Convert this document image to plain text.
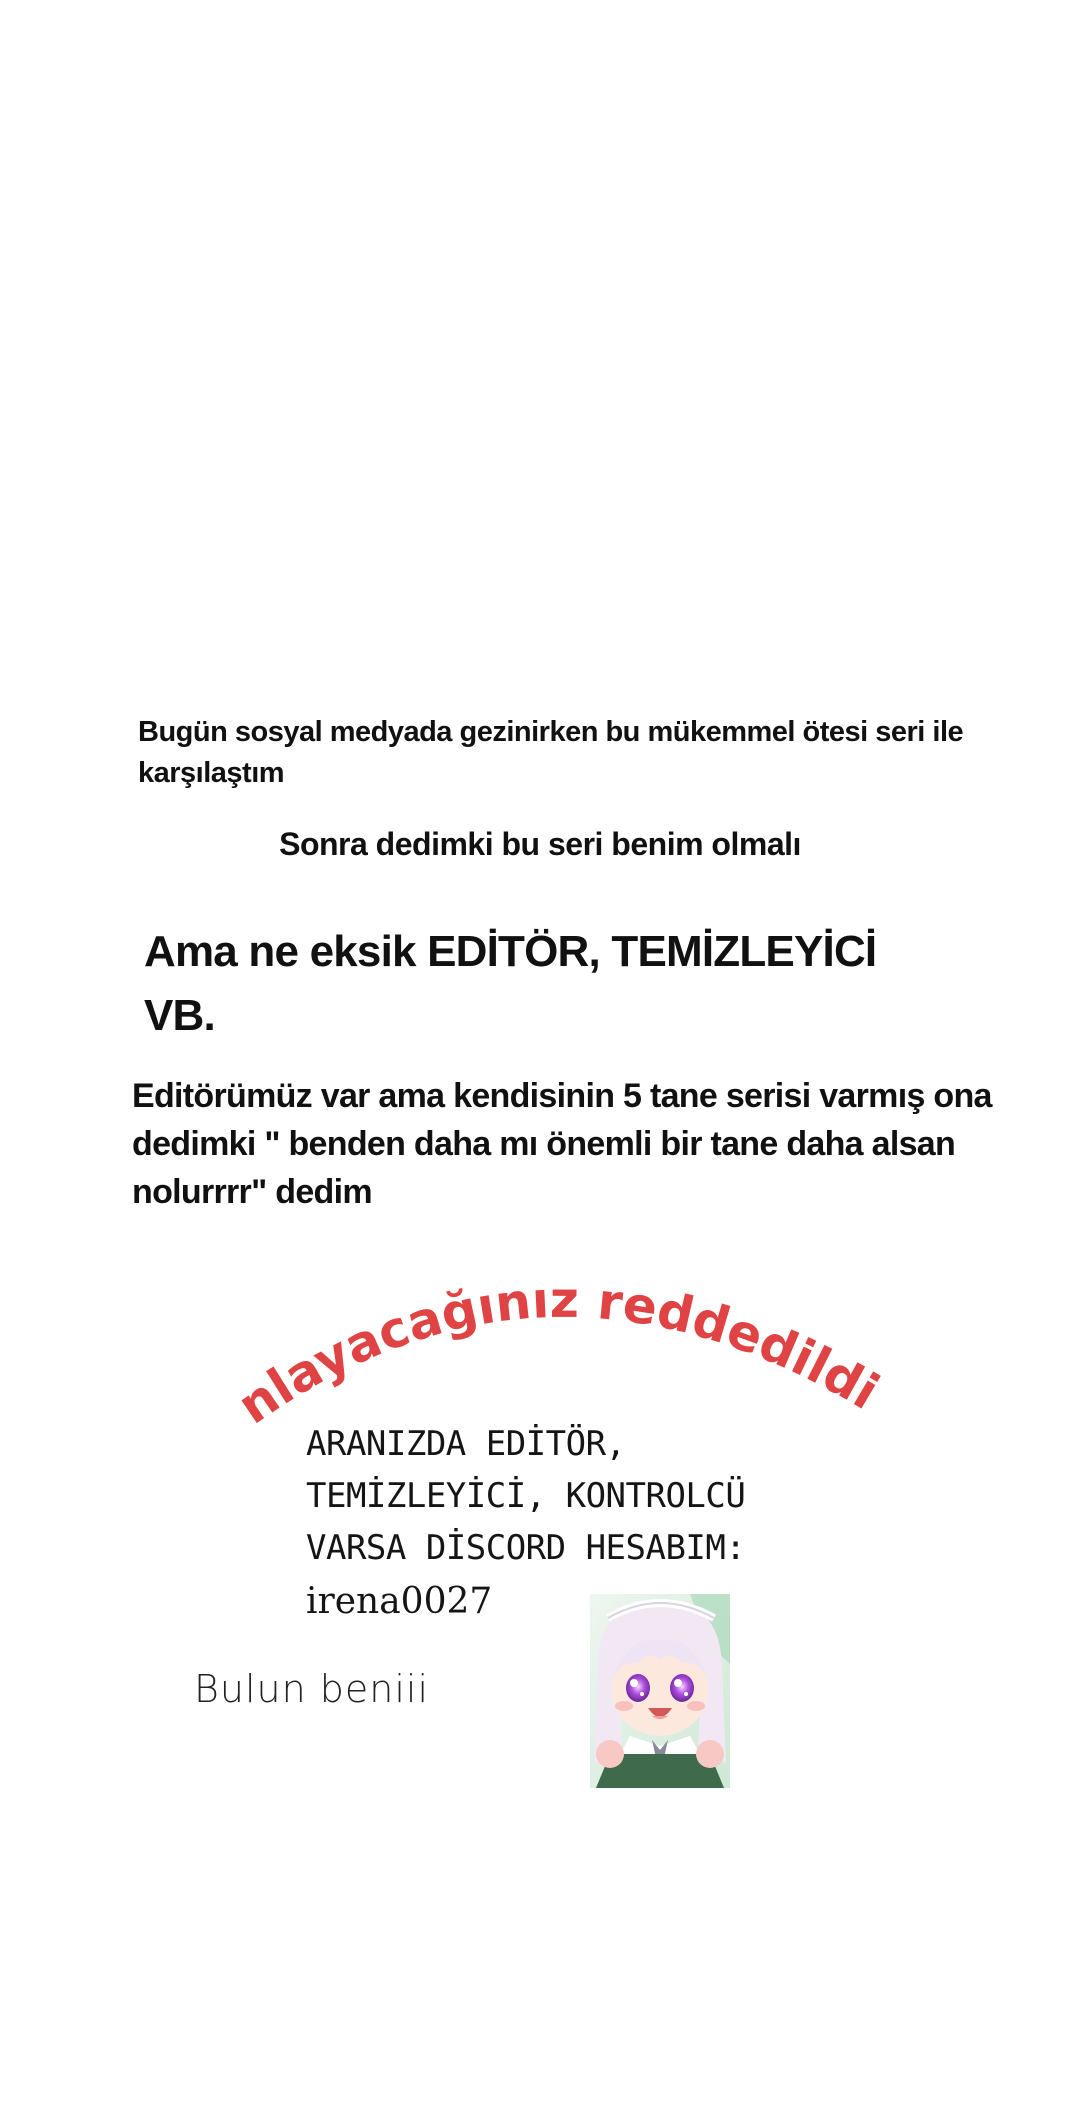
Bugün sosyal medyada gezinirken bu mükemmel ötesi seri ile
karşılaştım

Sonra dedimki bu seri benim olmalı

Ama ne eksik EDİTÖR, TEMİZLEYİCİ
VB.

Editörümüz var ama kendisinin 5 tane serisi varmış ona
dedimki " benden daha mı önemli bir tane daha alsan
nolurrrr" dedim

Anlayacağınız reddedildim

ARANIZDA EDİTÖR,
TEMİZLEYİCİ, KONTROLCÜ
VARSA DİSCORD HESABIM:

irena0027

Bulun beniii
